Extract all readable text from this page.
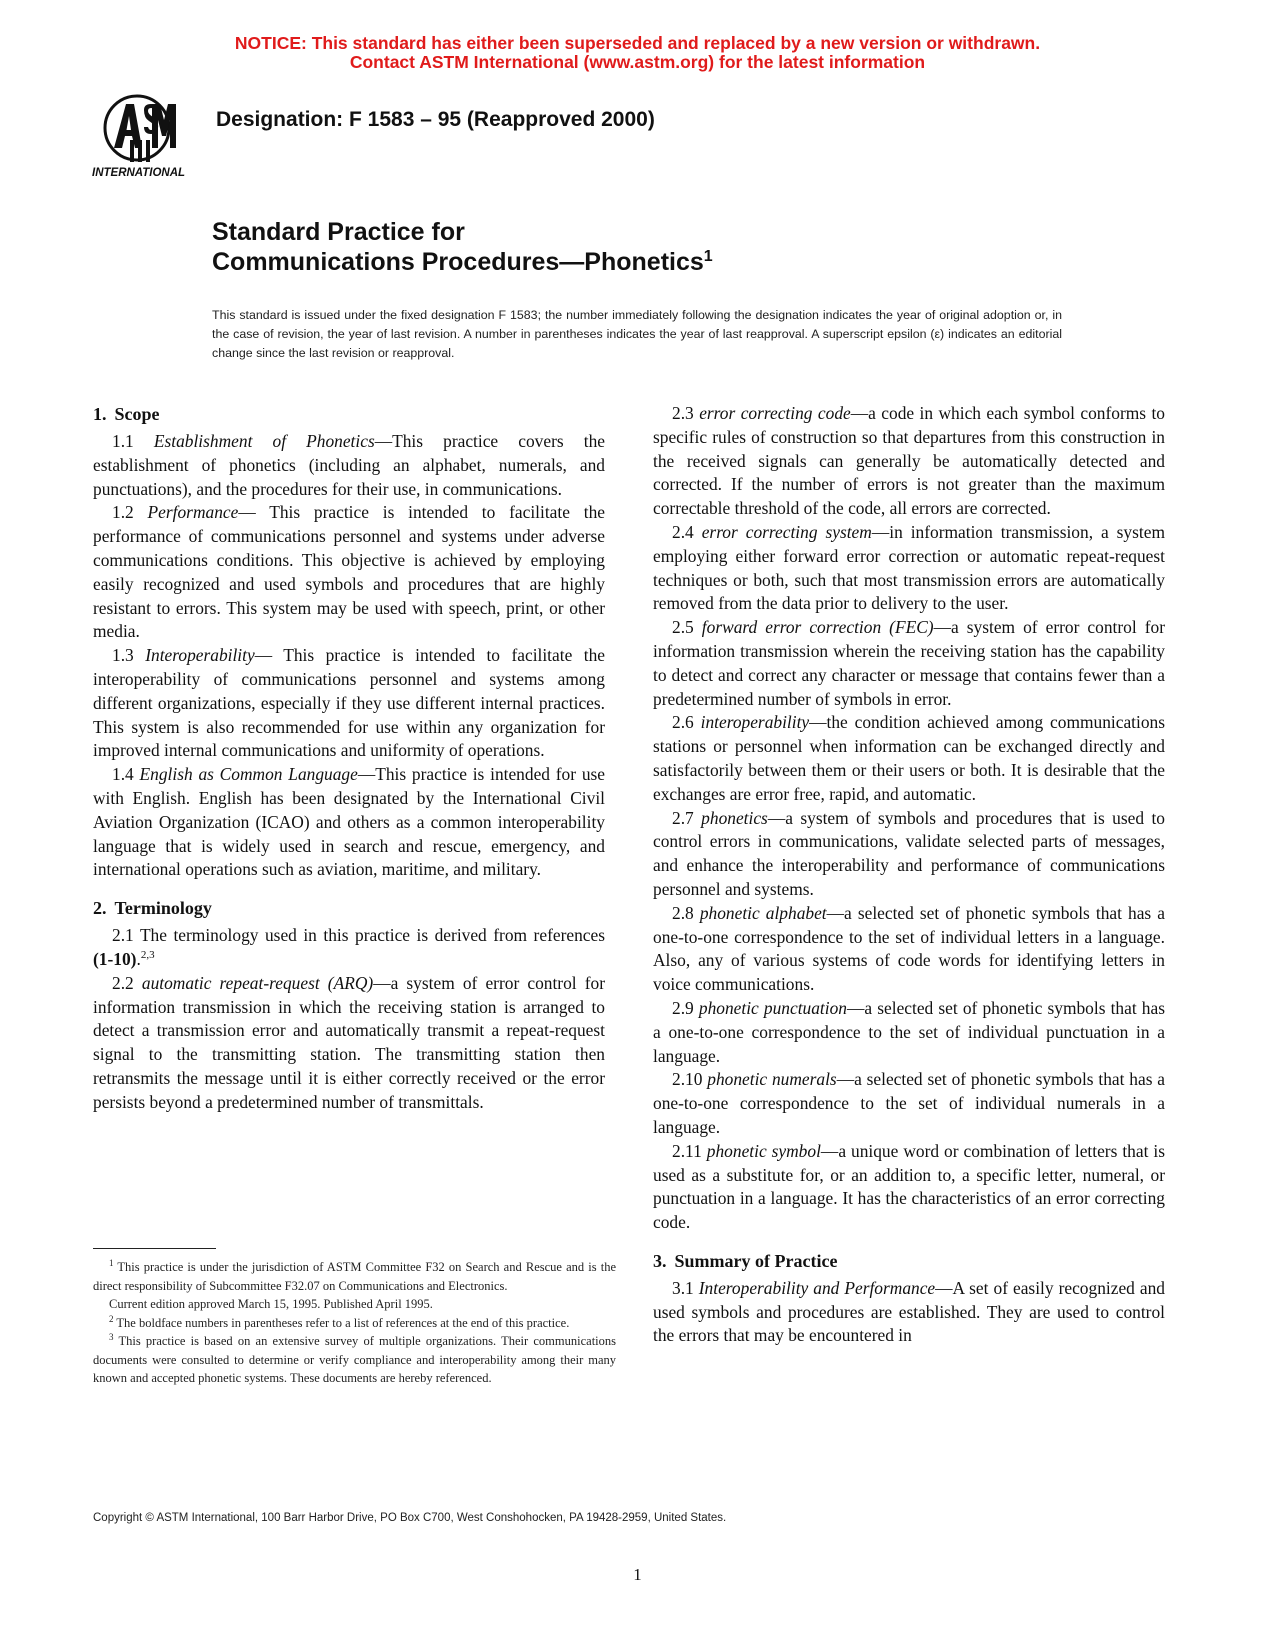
NOTICE: This standard has either been superseded and replaced by a new version or withdrawn.
Contact ASTM International (www.astm.org) for the latest information
INTERNATIONAL
Designation: F 1583 – 95 (Reapproved 2000)
Standard Practice for
Communications Procedures—Phonetics$^1$
This standard is issued under the fixed designation F 1583; the number immediately following the designation indicates the year of original adoption or, in the case of revision, the year of last revision. A number in parentheses indicates the year of last reapproval. A superscript epsilon (ε) indicates an editorial change since the last revision or reapproval.
1. Scope

1.1 Establishment of Phonetics—This practice covers the establishment of phonetics (including an alphabet, numerals, and punctuations), and the procedures for their use, in communications.

1.2 Performance— This practice is intended to facilitate the performance of communications personnel and systems under adverse communications conditions. This objective is achieved by employing easily recognized and used symbols and procedures that are highly resistant to errors. This system may be used with speech, print, or other media.

1.3 Interoperability— This practice is intended to facilitate the interoperability of communications personnel and systems among different organizations, especially if they use different internal practices. This system is also recommended for use within any organization for improved internal communications and uniformity of operations.

1.4 English as Common Language—This practice is intended for use with English. English has been designated by the International Civil Aviation Organization (ICAO) and others as a common interoperability language that is widely used in search and rescue, emergency, and international operations such as aviation, maritime, and military.

2. Terminology

2.1 The terminology used in this practice is derived from references (1-10).$^{2,3}$

2.2 automatic repeat-request (ARQ)—a system of error control for information transmission in which the receiving station is arranged to detect a transmission error and automatically transmit a repeat-request signal to the transmitting station. The transmitting station then retransmits the message until it is either correctly received or the error persists beyond a predetermined number of transmittals.

$^1$ This practice is under the jurisdiction of ASTM Committee F32 on Search and Rescue and is the direct responsibility of Subcommittee F32.07 on Communications and Electronics.

Current edition approved March 15, 1995. Published April 1995.

$^2$ The boldface numbers in parentheses refer to a list of references at the end of this practice.

$^3$ This practice is based on an extensive survey of multiple organizations. Their communications documents were consulted to determine or verify compliance and interoperability among their many known and accepted phonetic systems. These documents are hereby referenced.

2.3 error correcting code—a code in which each symbol conforms to specific rules of construction so that departures from this construction in the received signals can generally be automatically detected and corrected. If the number of errors is not greater than the maximum correctable threshold of the code, all errors are corrected.

2.4 error correcting system—in information transmission, a system employing either forward error correction or automatic repeat-request techniques or both, such that most transmission errors are automatically removed from the data prior to delivery to the user.

2.5 forward error correction (FEC)—a system of error control for information transmission wherein the receiving station has the capability to detect and correct any character or message that contains fewer than a predetermined number of symbols in error.

2.6 interoperability—the condition achieved among communications stations or personnel when information can be exchanged directly and satisfactorily between them or their users or both. It is desirable that the exchanges are error free, rapid, and automatic.

2.7 phonetics—a system of symbols and procedures that is used to control errors in communications, validate selected parts of messages, and enhance the interoperability and performance of communications personnel and systems.

2.8 phonetic alphabet—a selected set of phonetic symbols that has a one-to-one correspondence to the set of individual letters in a language. Also, any of various systems of code words for identifying letters in voice communications.

2.9 phonetic punctuation—a selected set of phonetic symbols that has a one-to-one correspondence to the set of individual punctuation in a language.

2.10 phonetic numerals—a selected set of phonetic symbols that has a one-to-one correspondence to the set of individual numerals in a language.

2.11 phonetic symbol—a unique word or combination of letters that is used as a substitute for, or an addition to, a specific letter, numeral, or punctuation in a language. It has the characteristics of an error correcting code.

3. Summary of Practice

3.1 Interoperability and Performance—A set of easily recognized and used symbols and procedures are established. They are used to control the errors that may be encountered in

Copyright © ASTM International, 100 Barr Harbor Drive, PO Box C700, West Conshohocken, PA 19428-2959, United States.
1
